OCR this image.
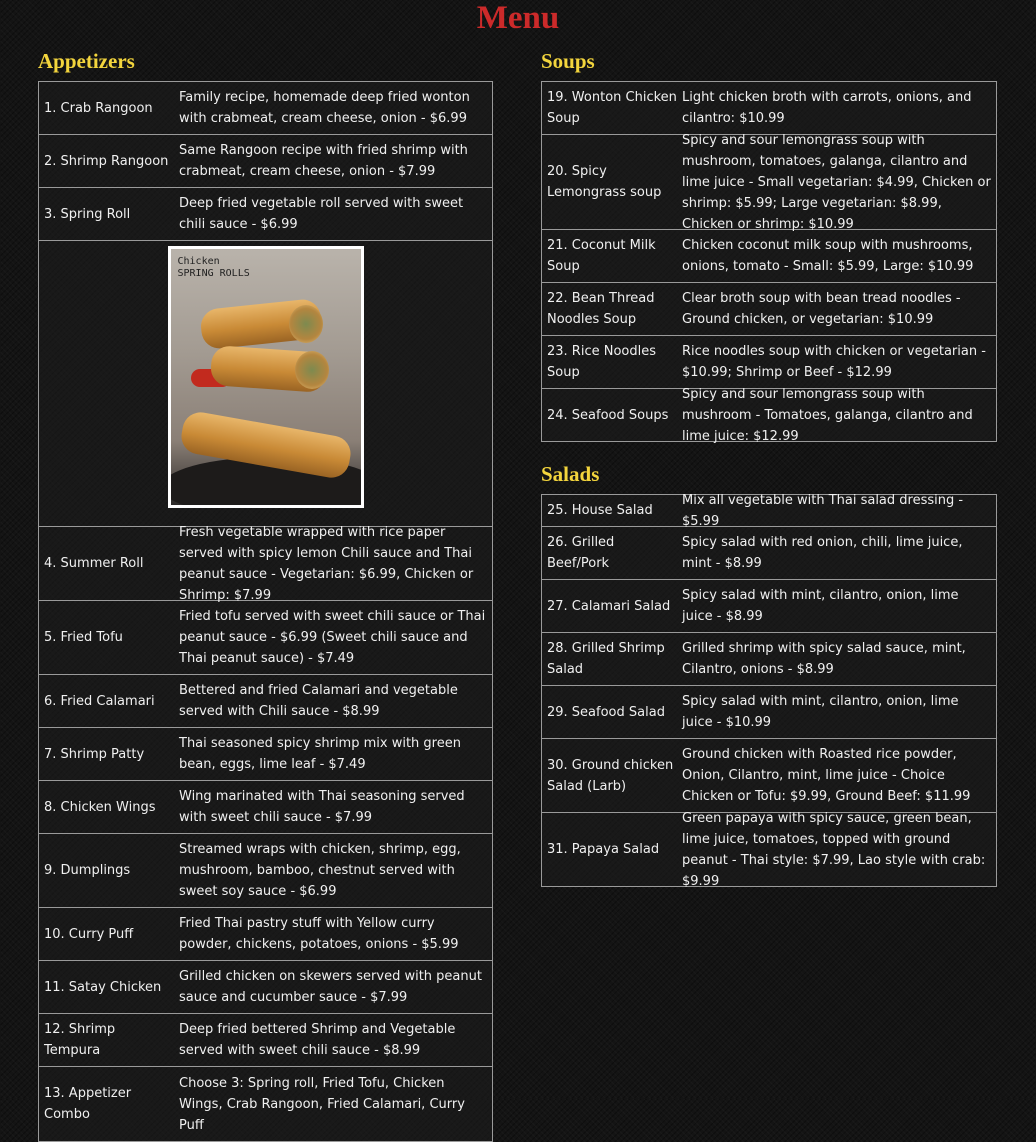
Menu
Appetizers
1. Crab Rangoon
Family recipe, homemade deep fried wonton with crabmeat, cream cheese, onion - $6.99
2. Shrimp Rangoon
Same Rangoon recipe with fried shrimp with crabmeat, cream cheese, onion - $7.99
3. Spring Roll
Deep fried vegetable roll served with sweet chili sauce - $6.99
Chicken
SPRING ROLLS
4. Summer Roll
Fresh vegetable wrapped with rice paper served with spicy lemon Chili sauce and Thai peanut sauce - Vegetarian: $6.99, Chicken or Shrimp: $7.99
5. Fried Tofu
Fried tofu served with sweet chili sauce or Thai peanut sauce - $6.99 (Sweet chili sauce and Thai peanut sauce) - $7.49
6. Fried Calamari
Bettered and fried Calamari and vegetable served with Chili sauce - $8.99
7. Shrimp Patty
Thai seasoned spicy shrimp mix with green bean, eggs, lime leaf - $7.49
8. Chicken Wings
Wing marinated with Thai seasoning served with sweet chili sauce - $7.99
9. Dumplings
Streamed wraps with chicken, shrimp, egg, mushroom, bamboo, chestnut served with sweet soy sauce - $6.99
10. Curry Puff
Fried Thai pastry stuff with Yellow curry powder, chickens, potatoes, onions - $5.99
11. Satay Chicken
Grilled chicken on skewers served with peanut sauce and cucumber sauce - $7.99
12. Shrimp Tempura
Deep fried bettered Shrimp and Vegetable served with sweet chili sauce - $8.99
13. Appetizer Combo
Choose 3: Spring roll, Fried Tofu, Chicken Wings, Crab Rangoon, Fried Calamari, Curry Puff
Soups
19. Wonton Chicken Soup
Light chicken broth with carrots, onions, and cilantro: $10.99
20. Spicy Lemongrass soup
Spicy and sour lemongrass soup with mushroom, tomatoes, galanga, cilantro and lime juice - Small vegetarian: $4.99, Chicken or shrimp: $5.99; Large vegetarian: $8.99, Chicken or shrimp: $10.99
21. Coconut Milk Soup
Chicken coconut milk soup with mushrooms, onions, tomato - Small: $5.99, Large: $10.99
22. Bean Thread Noodles Soup
Clear broth soup with bean tread noodles - Ground chicken, or vegetarian: $10.99
23. Rice Noodles Soup
Rice noodles soup with chicken or vegetarian - $10.99; Shrimp or Beef - $12.99
24. Seafood Soups
Spicy and sour lemongrass soup with mushroom - Tomatoes, galanga, cilantro and lime juice: $12.99
Salads
25. House Salad
Mix all vegetable with Thai salad dressing - $5.99
26. Grilled Beef/Pork
Spicy salad with red onion, chili, lime juice, mint - $8.99
27. Calamari Salad
Spicy salad with mint, cilantro, onion, lime juice - $8.99
28. Grilled Shrimp Salad
Grilled shrimp with spicy salad sauce, mint, Cilantro, onions - $8.99
29. Seafood Salad
Spicy salad with mint, cilantro, onion, lime juice - $10.99
30. Ground chicken Salad (Larb)
Ground chicken with Roasted rice powder, Onion, Cilantro, mint, lime juice - Choice Chicken or Tofu: $9.99, Ground Beef: $11.99
31. Papaya Salad
Green papaya with spicy sauce, green bean, lime juice, tomatoes, topped with ground peanut - Thai style: $7.99, Lao style with crab: $9.99
